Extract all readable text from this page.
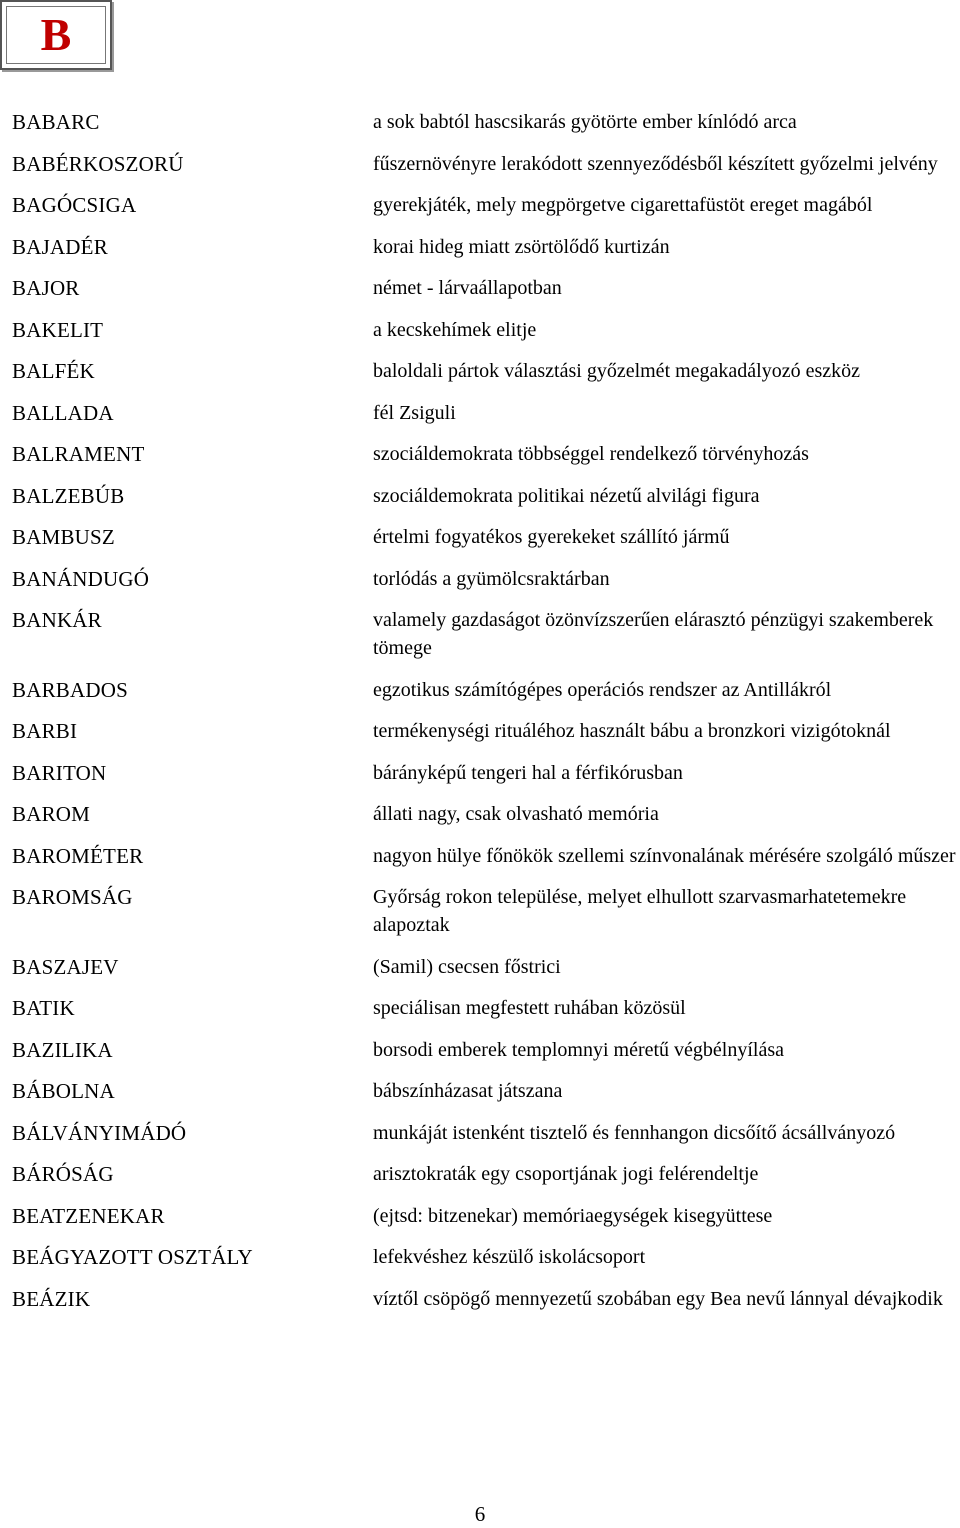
B
BABARC	a sok babtól hascsikarás gyötörte ember kínlódó arca
BABÉRKOSZORÚ	fűszernövényre lerakódott szennyeződésből készített győzelmi jelvény
BAGÓCSIGA	gyerekjáték, mely megpörgetve cigarettafüstöt ereget magából
BAJADÉR	korai hideg miatt zsörtölődő kurtizán
BAJOR	német - lárvaállapotban
BAKELIT	a kecskehímek elitje
BALFÉK	baloldali pártok választási győzelmét megakadályozó eszköz
BALLADA	fél Zsiguli
BALRAMENT	szociáldemokrata többséggel rendelkező törvényhozás
BALZEBÚB	szociáldemokrata politikai nézetű alvilági figura
BAMBUSZ	értelmi fogyatékos gyerekeket szállító jármű
BANÁNDUGÓ	torlódás a gyümölcsraktárban
BANKÁR	valamely gazdaságot özönvízszerűen elárasztó pénzügyi szakemberek tömege
BARBADOS	egzotikus számítógépes operációs rendszer az Antillákról
BARBI	termékenységi rituáléhoz használt bábu a bronzkori vizigótoknál
BARITON	bárányképű tengeri hal a férfikórusban
BAROM	állati nagy, csak olvasható memória
BAROMÉTER	nagyon hülye főnökök szellemi színvonalának mérésére szolgáló műszer
BAROMSÁG	Győrság rokon települése, melyet elhullott szarvasmarhatetemekre alapoztak
BASZAJEV	(Samil) csecsen főstrici
BATIK	speciálisan megfestett ruhában közösül
BAZILIKA	borsodi emberek templomnyi méretű végbélnyílása
BÁBOLNA	bábszínházasat játszana
BÁLVÁNYIMÁDÓ	munkáját istenként tisztelő és fennhangon dicsőítő ácsállványozó
BÁRÓSÁG	arisztokraták egy csoportjának jogi felérendeltje
BEATZENEKAR	(ejtsd: bitzenekar) memóriaegységek kisegyüttese
BEÁGYAZOTT OSZTÁLY	lefekvéshez készülő iskolácsoport
BEÁZIK	víztől csöpögő mennyezetű szobában egy Bea nevű lánnyal dévajkodik
6
